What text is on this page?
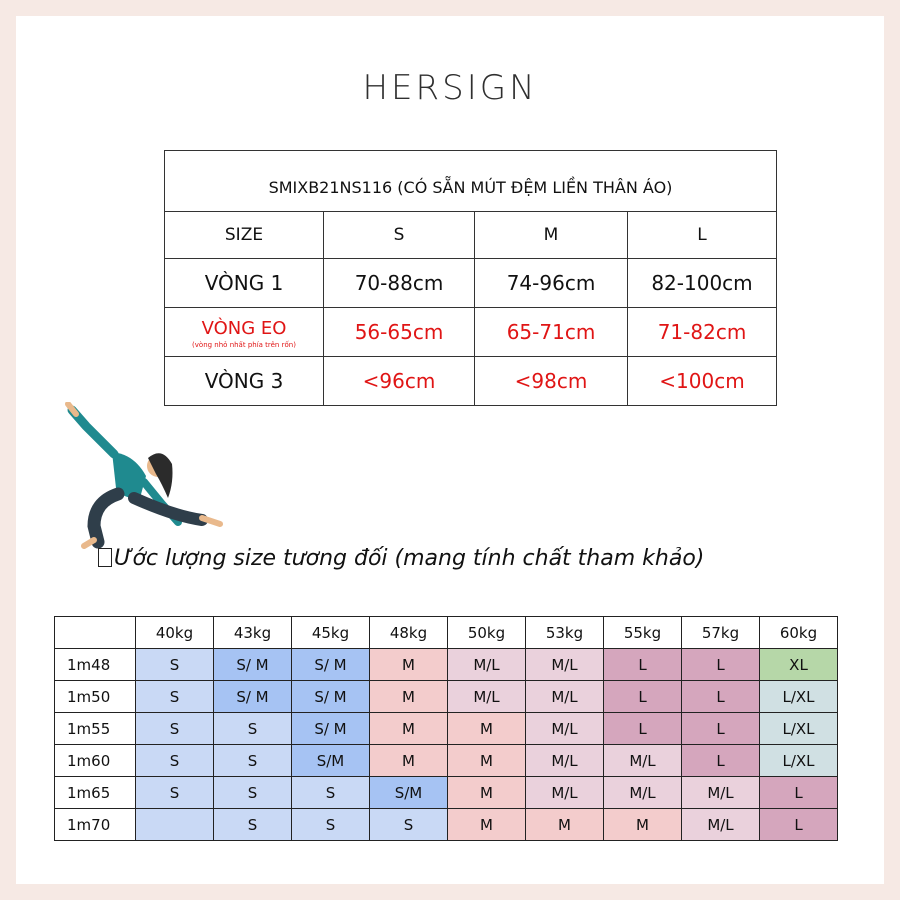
HERSIGN
SMIXB21NS116 (CÓ SẴN MÚT ĐỆM LIỀN THÂN ÁO)			
SIZE	S	M	L
VÒNG 1	70-88cm	74-96cm	82-100cm
VÒNG EO
(vòng nhỏ nhất phía trên rốn)	56-65cm	65-71cm	71-82cm
VÒNG 3	<96cm	<98cm	<100cm
Ước lượng size tương đối (mang tính chất tham khảo)
	40kg	43kg	45kg	48kg	50kg	53kg	55kg	57kg	60kg
1m48	S	S/ M	S/ M	M	M/L	M/L	L	L	XL
1m50	S	S/ M	S/ M	M	M/L	M/L	L	L	L/XL
1m55	S	S	S/ M	M	M	M/L	L	L	L/XL
1m60	S	S	S/M	M	M	M/L	M/L	L	L/XL
1m65	S	S	S	S/M	M	M/L	M/L	M/L	L
1m70		S	S	S	M	M	M	M/L	L
